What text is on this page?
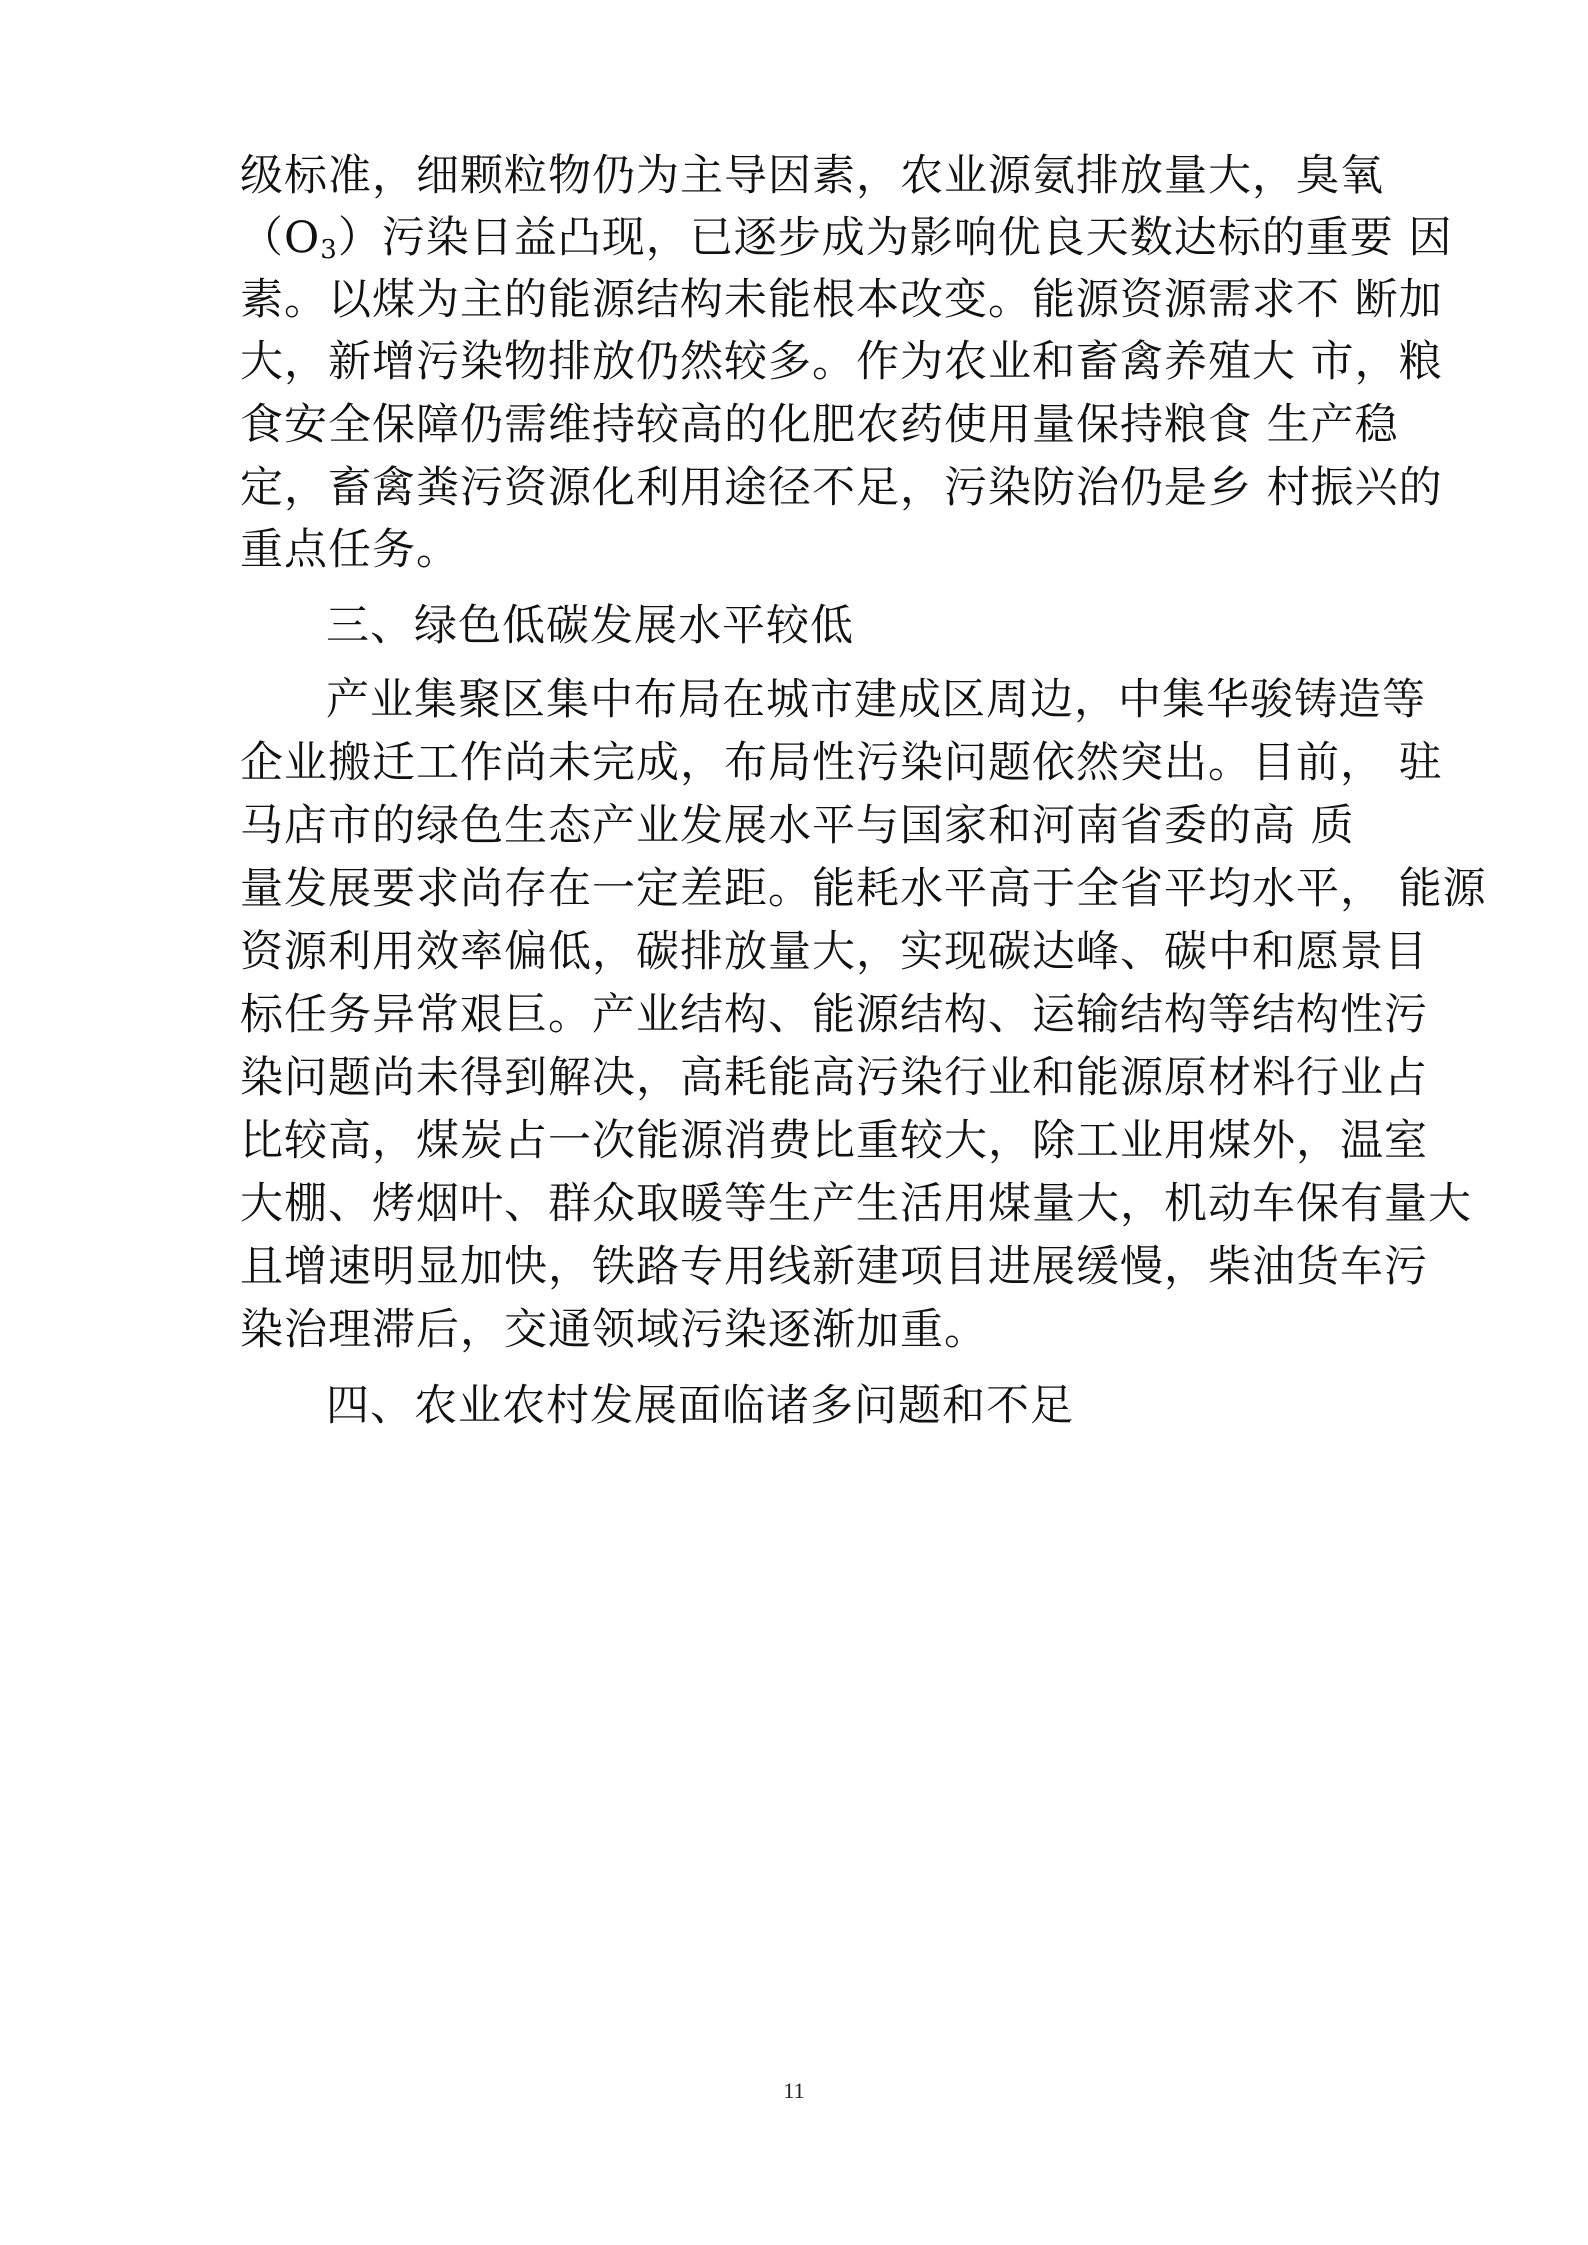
级标准，细颗粒物仍为主导因素，农业源氨排放量大，臭氧
$(O_3)$污染日益凸现，已逐步成为影响优良天数达标的重要 因
素。以煤为主的能源结构未能根本改变。能源资源需求不 断加
大，新增污染物排放仍然较多。作为农业和畜禽养殖大 市，粮
食安全保障仍需维持较高的化肥农药使用量保持粮食 生产稳
定，畜禽粪污资源化利用途径不足，污染防治仍是乡 村振兴的
重点任务。
三、绿色低碳发展水平较低
产业集聚区集中布局在城市建成区周边，中集华骏铸造等
企业搬迁工作尚未完成，布局性污染问题依然突出。目前， 驻
马店市的绿色生态产业发展水平与国家和河南省委的高 质
量发展要求尚存在一定差距。能耗水平高于全省平均水平， 能源
资源利用效率偏低，碳排放量大，实现碳达峰、碳中和愿景目
标任务异常艰巨。产业结构、能源结构、运输结构等结构性污
染问题尚未得到解决，高耗能高污染行业和能源原材料行业占
比较高，煤炭占一次能源消费比重较大，除工业用煤外，温室
大棚、烤烟叶、群众取暖等生产生活用煤量大，机动车保有量大
且增速明显加快，铁路专用线新建项目进展缓慢，柴油货车污
染治理滞后，交通领域污染逐渐加重。
四、农业农村发展面临诸多问题和不足
11
